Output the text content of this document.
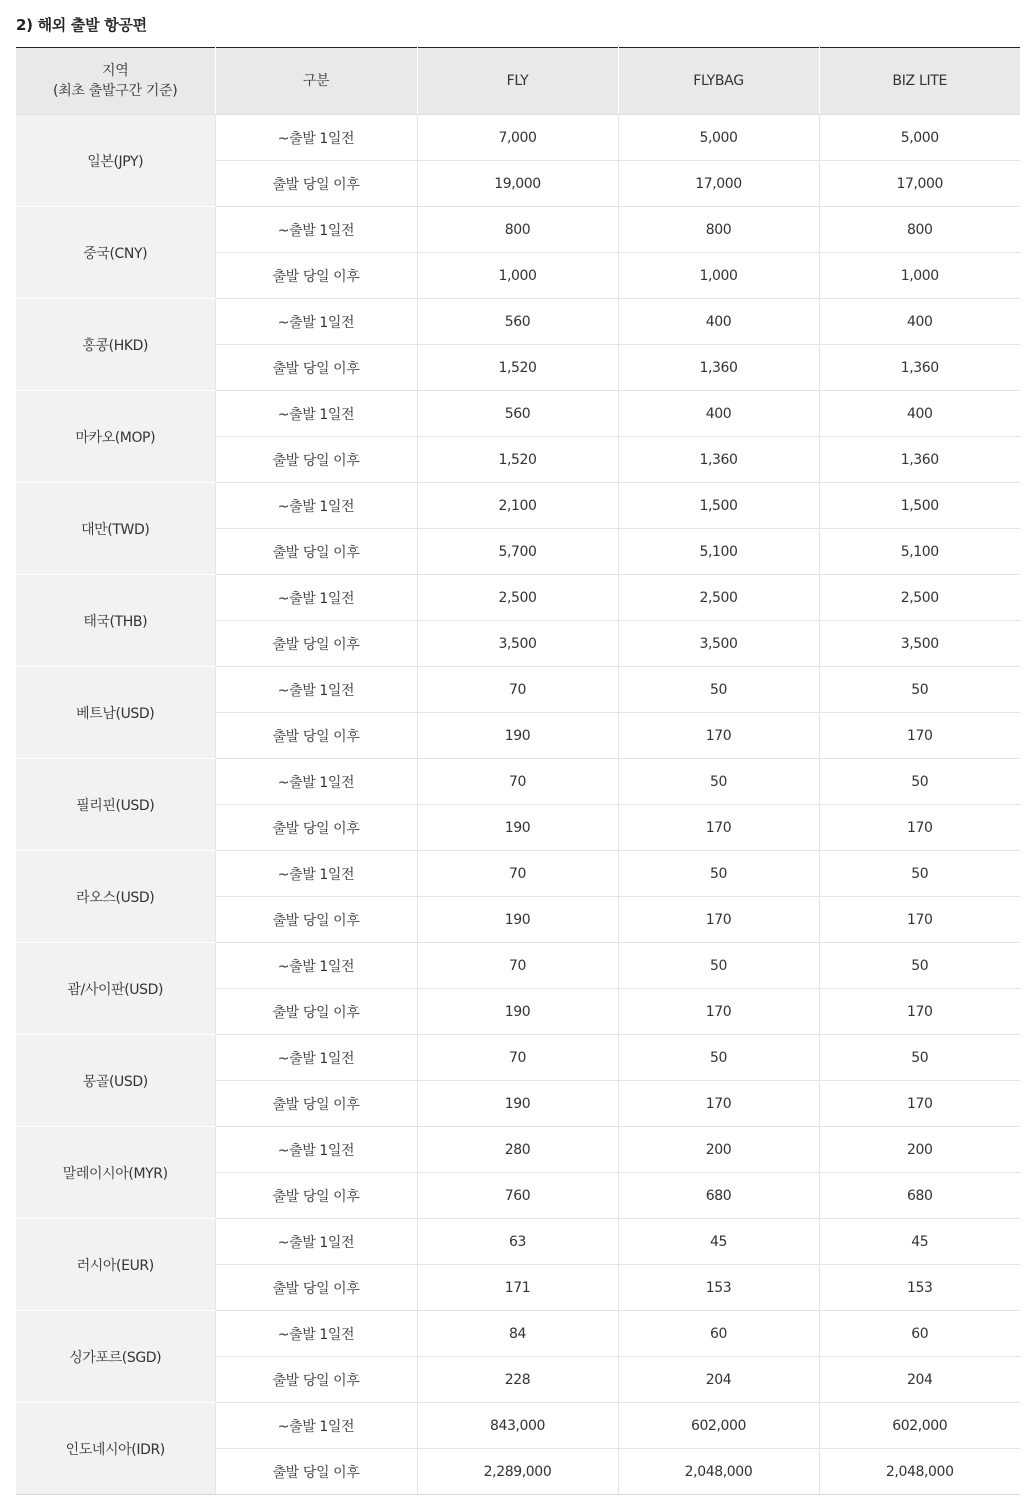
2) 해외 출발 항공편
지역
(최초 출발구간 기준)	구분	FLY	FLYBAG	BIZ LITE
일본(JPY)	~출발 1일전	7,000	5,000	5,000
	출발 당일 이후	19,000	17,000	17,000
중국(CNY)	~출발 1일전	800	800	800
	출발 당일 이후	1,000	1,000	1,000
홍콩(HKD)	~출발 1일전	560	400	400
	출발 당일 이후	1,520	1,360	1,360
마카오(MOP)	~출발 1일전	560	400	400
	출발 당일 이후	1,520	1,360	1,360
대만(TWD)	~출발 1일전	2,100	1,500	1,500
	출발 당일 이후	5,700	5,100	5,100
태국(THB)	~출발 1일전	2,500	2,500	2,500
	출발 당일 이후	3,500	3,500	3,500
베트남(USD)	~출발 1일전	70	50	50
	출발 당일 이후	190	170	170
필리핀(USD)	~출발 1일전	70	50	50
	출발 당일 이후	190	170	170
라오스(USD)	~출발 1일전	70	50	50
	출발 당일 이후	190	170	170
괌/사이판(USD)	~출발 1일전	70	50	50
	출발 당일 이후	190	170	170
몽골(USD)	~출발 1일전	70	50	50
	출발 당일 이후	190	170	170
말레이시아(MYR)	~출발 1일전	280	200	200
	출발 당일 이후	760	680	680
러시아(EUR)	~출발 1일전	63	45	45
	출발 당일 이후	171	153	153
싱가포르(SGD)	~출발 1일전	84	60	60
	출발 당일 이후	228	204	204
인도네시아(IDR)	~출발 1일전	843,000	602,000	602,000
	출발 당일 이후	2,289,000	2,048,000	2,048,000
